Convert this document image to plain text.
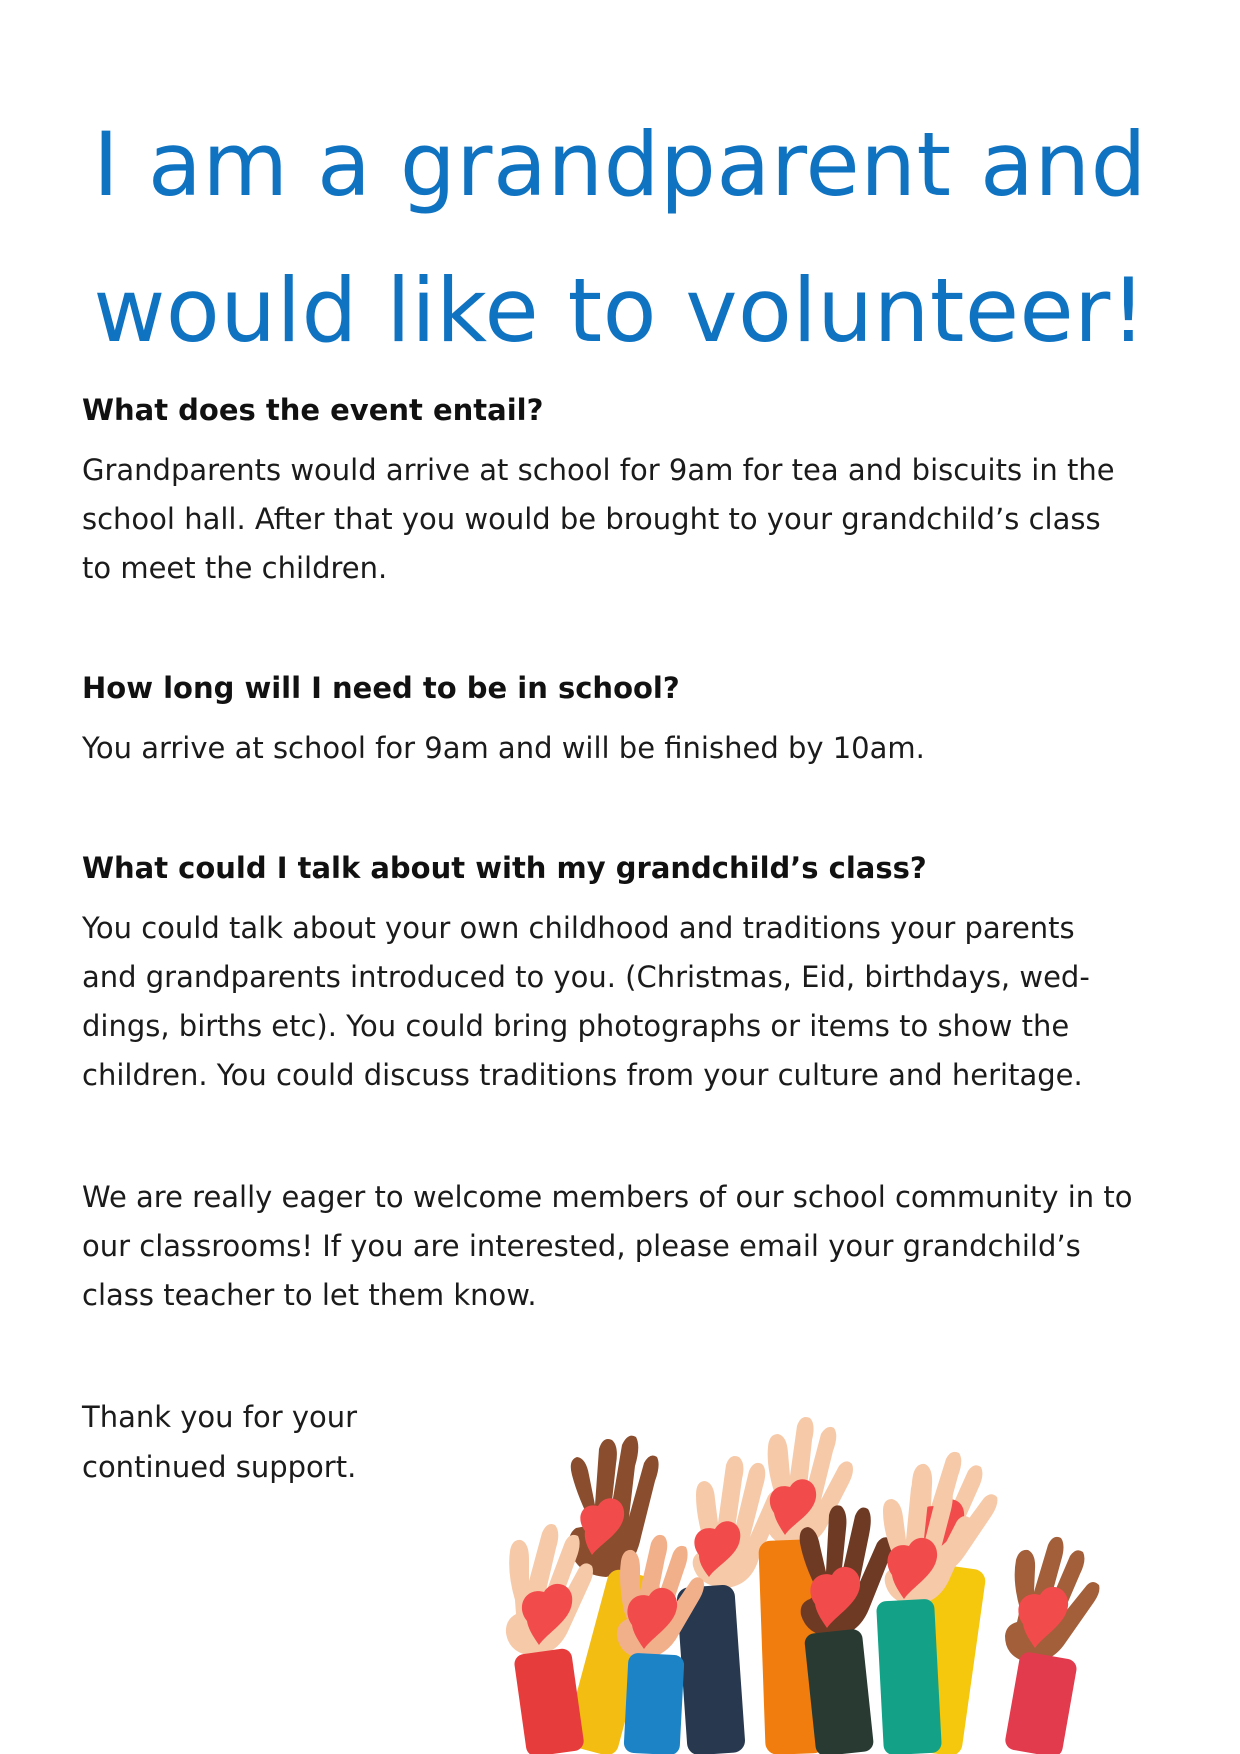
I am a grandparent and
would like to volunteer!
What does the event entail?

Grandparents would arrive at school for 9am for tea and biscuits in the
school hall. After that you would be brought to your grandchild’s class
to meet the children.

How long will I need to be in school?

You arrive at school for 9am and will be finished by 10am.

What could I talk about with my grandchild’s class?

You could talk about your own childhood and traditions your parents
and grandparents introduced to you. (Christmas, Eid, birthdays, wed-
dings, births etc). You could bring photographs or items to show the
children. You could discuss traditions from your culture and heritage.

We are really eager to welcome members of our school community in to
our classrooms! If you are interested, please email your grandchild’s
class teacher to let them know.

Thank you for your
continued support.
